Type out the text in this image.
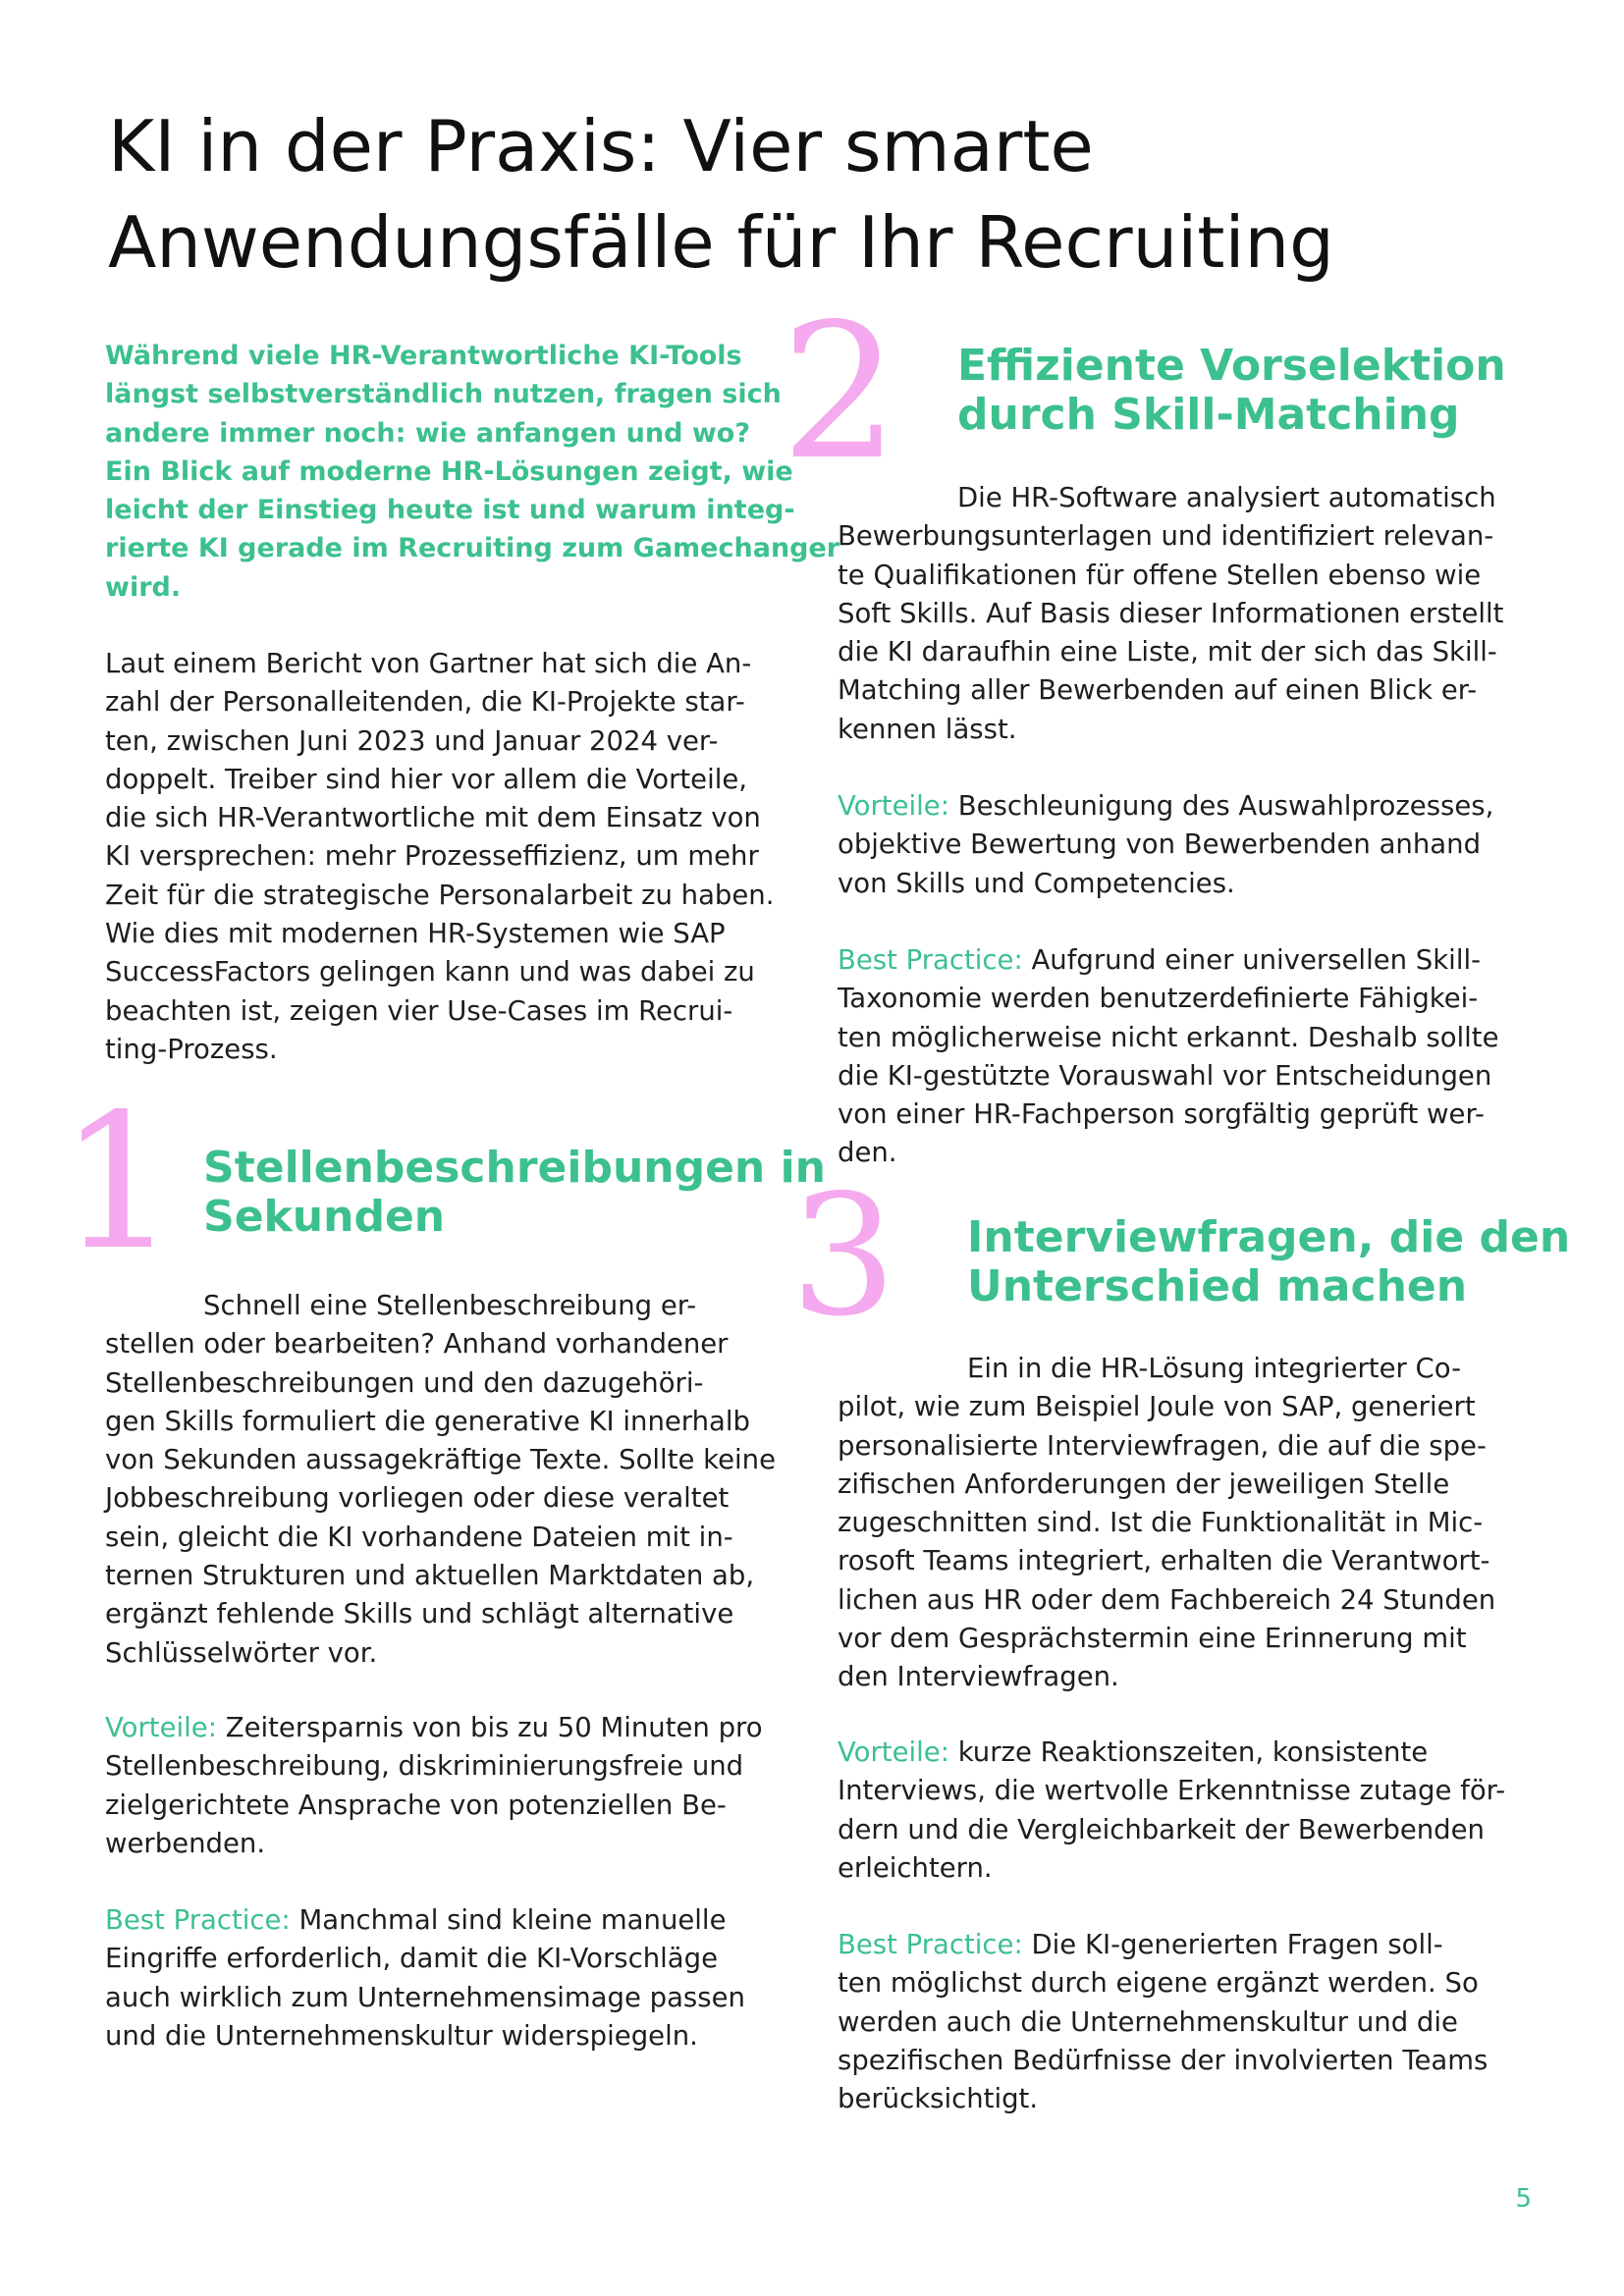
KI in der Praxis: Vier smarte
Anwendungsfälle für Ihr Recruiting
Während viele HR-Verantwortliche KI-Tools
längst selbstverständlich nutzen, fragen sich
andere immer noch: wie anfangen und wo?
Ein Blick auf moderne HR-Lösungen zeigt, wie
leicht der Einstieg heute ist und warum integ-
rierte KI gerade im Recruiting zum Gamechanger
wird.
Laut einem Bericht von Gartner hat sich die An-
zahl der Personalleitenden, die KI-Projekte star-
ten, zwischen Juni 2023 und Januar 2024 ver-
doppelt. Treiber sind hier vor allem die Vorteile,
die sich HR-Verantwortliche mit dem Einsatz von
KI versprechen: mehr Prozesseffizienz, um mehr
Zeit für die strategische Personalarbeit zu haben.
Wie dies mit modernen HR-Systemen wie SAP
SuccessFactors gelingen kann und was dabei zu
beachten ist, zeigen vier Use-Cases im Recrui-
ting-Prozess.
1 Stellenbeschreibungen in
Sekunden
Schnell eine Stellenbeschreibung er-
stellen oder bearbeiten? Anhand vorhandener
Stellenbeschreibungen und den dazugehöri-
gen Skills formuliert die generative KI innerhalb
von Sekunden aussagekräftige Texte. Sollte keine
Jobbeschreibung vorliegen oder diese veraltet
sein, gleicht die KI vorhandene Dateien mit in-
ternen Strukturen und aktuellen Marktdaten ab,
ergänzt fehlende Skills und schlägt alternative
Schlüsselwörter vor.
Vorteile: Zeitersparnis von bis zu 50 Minuten pro
Stellenbeschreibung, diskriminierungsfreie und
zielgerichtete Ansprache von potenziellen Be-
werbenden.
Best Practice: Manchmal sind kleine manuelle
Eingriffe erforderlich, damit die KI-Vorschläge
auch wirklich zum Unternehmensimage passen
und die Unternehmenskultur widerspiegeln.
2 Effiziente Vorselektion
durch Skill-Matching
Die HR-Software analysiert automatisch
Bewerbungsunterlagen und identifiziert relevan-
te Qualifikationen für offene Stellen ebenso wie
Soft Skills. Auf Basis dieser Informationen erstellt
die KI daraufhin eine Liste, mit der sich das Skill-
Matching aller Bewerbenden auf einen Blick er-
kennen lässt.
Vorteile: Beschleunigung des Auswahlprozesses,
objektive Bewertung von Bewerbenden anhand
von Skills und Competencies.
Best Practice: Aufgrund einer universellen Skill-
Taxonomie werden benutzerdefinierte Fähigkei-
ten möglicherweise nicht erkannt. Deshalb sollte
die KI-gestützte Vorauswahl vor Entscheidungen
von einer HR-Fachperson sorgfältig geprüft wer-
den.
3 Interviewfragen, die den
Unterschied machen
Ein in die HR-Lösung integrierter Co-
pilot, wie zum Beispiel Joule von SAP, generiert
personalisierte Interviewfragen, die auf die spe-
zifischen Anforderungen der jeweiligen Stelle
zugeschnitten sind. Ist die Funktionalität in Mic-
rosoft Teams integriert, erhalten die Verantwort-
lichen aus HR oder dem Fachbereich 24 Stunden
vor dem Gesprächstermin eine Erinnerung mit
den Interviewfragen.
Vorteile: kurze Reaktionszeiten, konsistente
Interviews, die wertvolle Erkenntnisse zutage för-
dern und die Vergleichbarkeit der Bewerbenden
erleichtern.
Best Practice: Die KI-generierten Fragen soll-
ten möglichst durch eigene ergänzt werden. So
werden auch die Unternehmenskultur und die
spezifischen Bedürfnisse der involvierten Teams
berücksichtigt.
5
